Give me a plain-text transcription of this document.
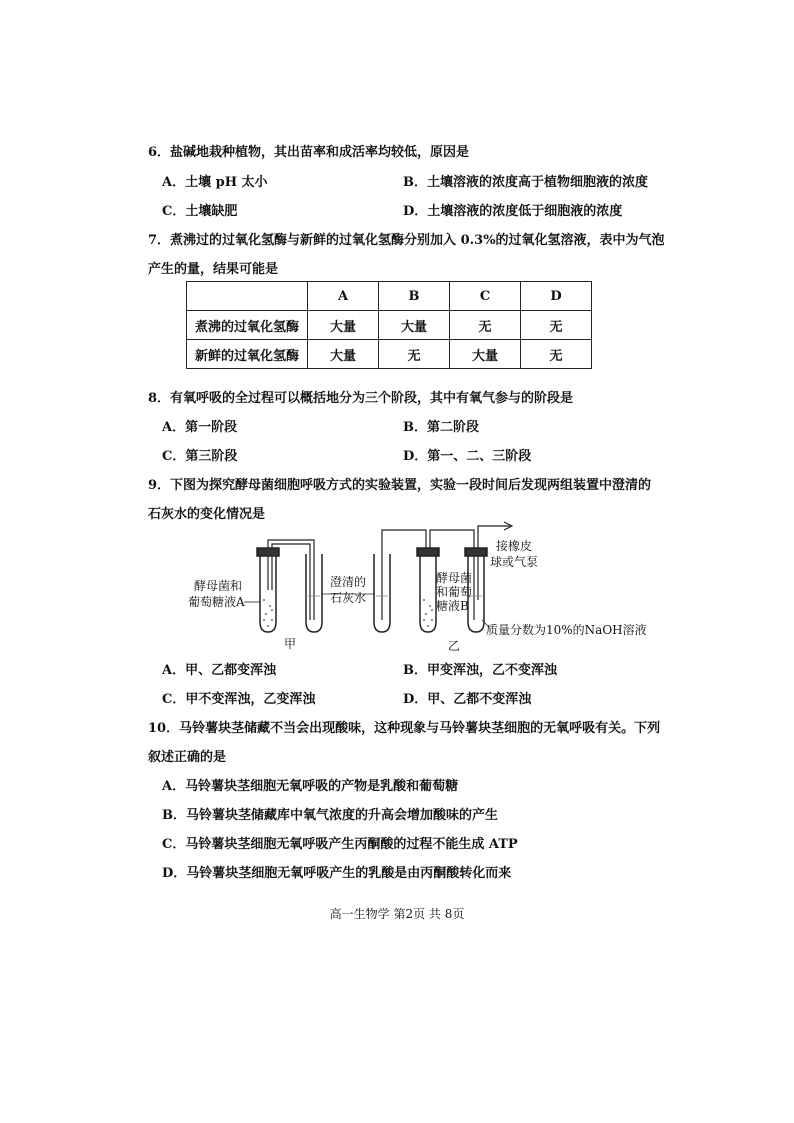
6．盐碱地栽种植物，其出苗率和成活率均较低，原因是
A．土壤 pH 太小	B．土壤溶液的浓度高于植物细胞液的浓度
C．土壤缺肥	D．土壤溶液的浓度低于细胞液的浓度
7．煮沸过的过氧化氢酶与新鲜的过氧化氢酶分别加入 0.3%的过氧化氢溶液，表中为气泡
产生的量，结果可能是
	A	B	C	D
煮沸的过氧化氢酶	大量	大量	无	无
新鲜的过氧化氢酶	大量	无	大量	无
8．有氧呼吸的全过程可以概括地分为三个阶段，其中有氧气参与的阶段是
A．第一阶段	B．第二阶段
C．第三阶段	D．第一、二、三阶段
9．下图为探究酵母菌细胞呼吸方式的实验装置，实验一段时间后发现两组装置中澄清的
石灰水的变化情况是
酵母菌和
葡萄糖液A
澄清的
石灰水
酵母菌
和葡萄
糖液B
接橡皮
球或气泵
质量分数为10%的NaOH溶液
甲	乙
A．甲、乙都变浑浊	B．甲变浑浊，乙不变浑浊
C．甲不变浑浊，乙变浑浊	D．甲、乙都不变浑浊
10．马铃薯块茎储藏不当会出现酸味，这种现象与马铃薯块茎细胞的无氧呼吸有关。下列
叙述正确的是
A．马铃薯块茎细胞无氧呼吸的产物是乳酸和葡萄糖
B．马铃薯块茎储藏库中氧气浓度的升高会增加酸味的产生
C．马铃薯块茎细胞无氧呼吸产生丙酮酸的过程不能生成 ATP
D．马铃薯块茎细胞无氧呼吸产生的乳酸是由丙酮酸转化而来
高一生物学 第2页 共 8页
